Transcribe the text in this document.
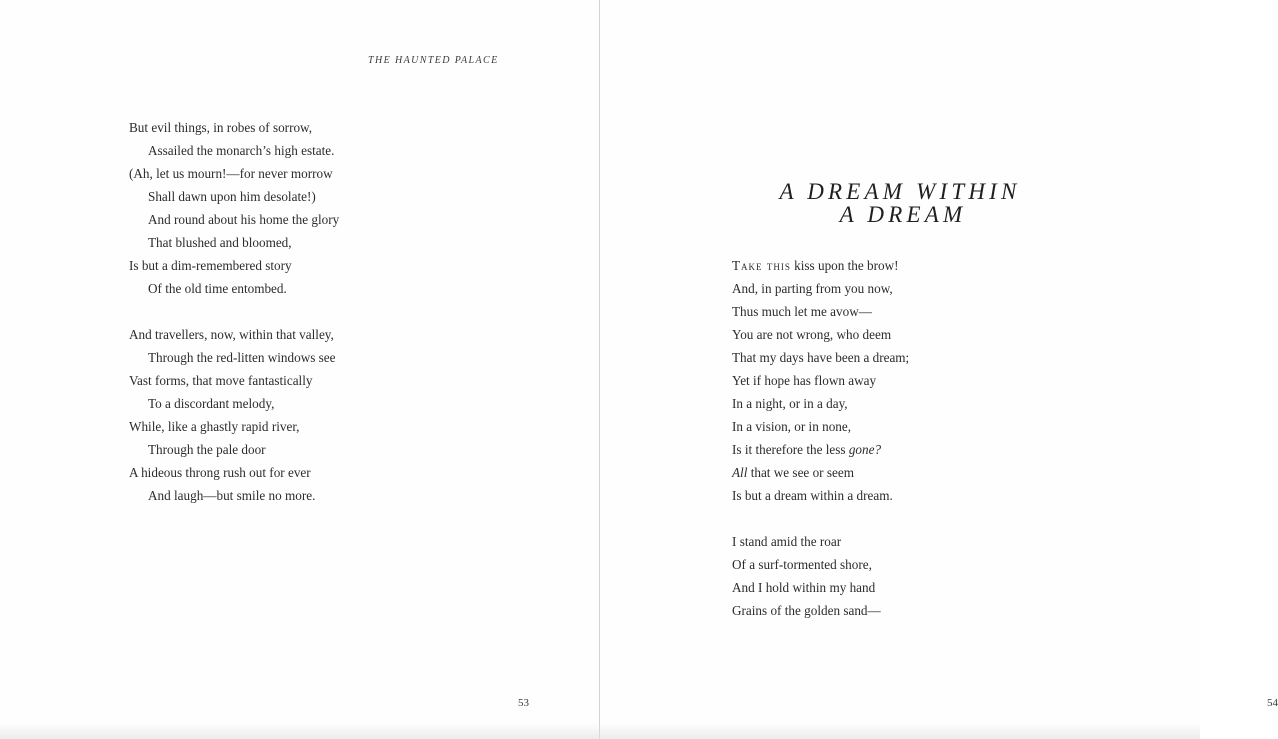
THE HAUNTED PALACE
But evil things, in robes of sorrow,
Assailed the monarch’s high estate.
(Ah, let us mourn!—for never morrow
Shall dawn upon him desolate!)
And round about his home the glory
That blushed and bloomed,
Is but a dim-remembered story
Of the old time entombed.
And travellers, now, within that valley,
Through the red-litten windows see
Vast forms, that move fantastically
To a discordant melody,
While, like a ghastly rapid river,
Through the pale door
A hideous throng rush out for ever
And laugh—but smile no more.
53
A DREAM WITHIN
A DREAM
Take this kiss upon the brow!
And, in parting from you now,
Thus much let me avow—
You are not wrong, who deem
That my days have been a dream;
Yet if hope has flown away
In a night, or in a day,
In a vision, or in none,
Is it therefore the less gone?
All that we see or seem
Is but a dream within a dream.
I stand amid the roar
Of a surf-tormented shore,
And I hold within my hand
Grains of the golden sand—
54
